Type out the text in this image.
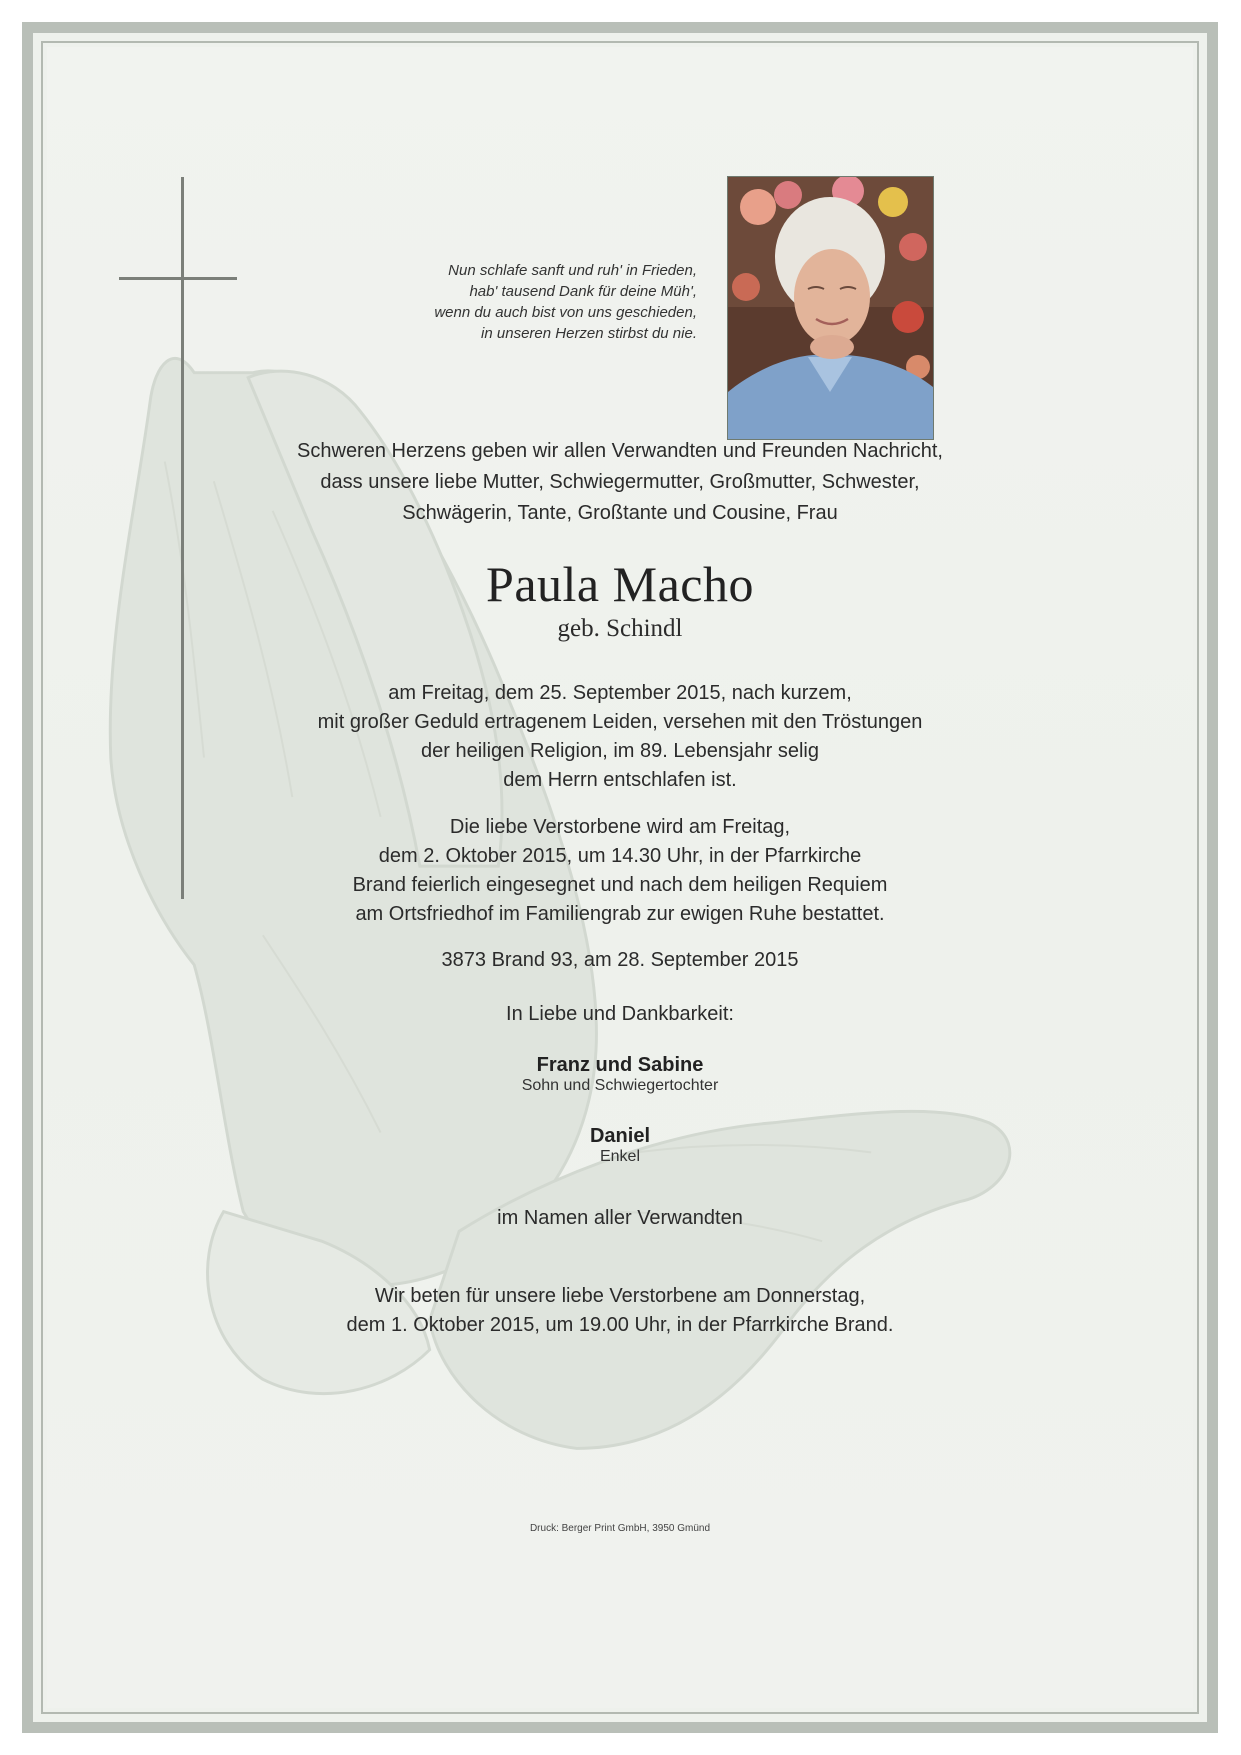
Nun schlafe sanft und ruh' in Frieden,
hab' tausend Dank für deine Müh',
wenn du auch bist von uns geschieden,
in unseren Herzen stirbst du nie.
Schweren Herzens geben wir allen Verwandten und Freunden Nachricht,
dass unsere liebe Mutter, Schwiegermutter, Großmutter, Schwester,
Schwägerin, Tante, Großtante und Cousine, Frau
Paula Macho
geb. Schindl
am Freitag, dem 25. September 2015, nach kurzem,
mit großer Geduld ertragenem Leiden, versehen mit den Tröstungen
der heiligen Religion, im 89. Lebensjahr selig
dem Herrn entschlafen ist.
Die liebe Verstorbene wird am Freitag,
dem 2. Oktober 2015, um 14.30 Uhr, in der Pfarrkirche
Brand feierlich eingesegnet und nach dem heiligen Requiem
am Ortsfriedhof im Familiengrab zur ewigen Ruhe bestattet.
3873 Brand 93, am 28. September 2015
In Liebe und Dankbarkeit:
Franz und Sabine
Sohn und Schwiegertochter
Daniel
Enkel
im Namen aller Verwandten
Wir beten für unsere liebe Verstorbene am Donnerstag,
dem 1. Oktober 2015, um 19.00 Uhr, in der Pfarrkirche Brand.
Druck: Berger Print GmbH, 3950 Gmünd
